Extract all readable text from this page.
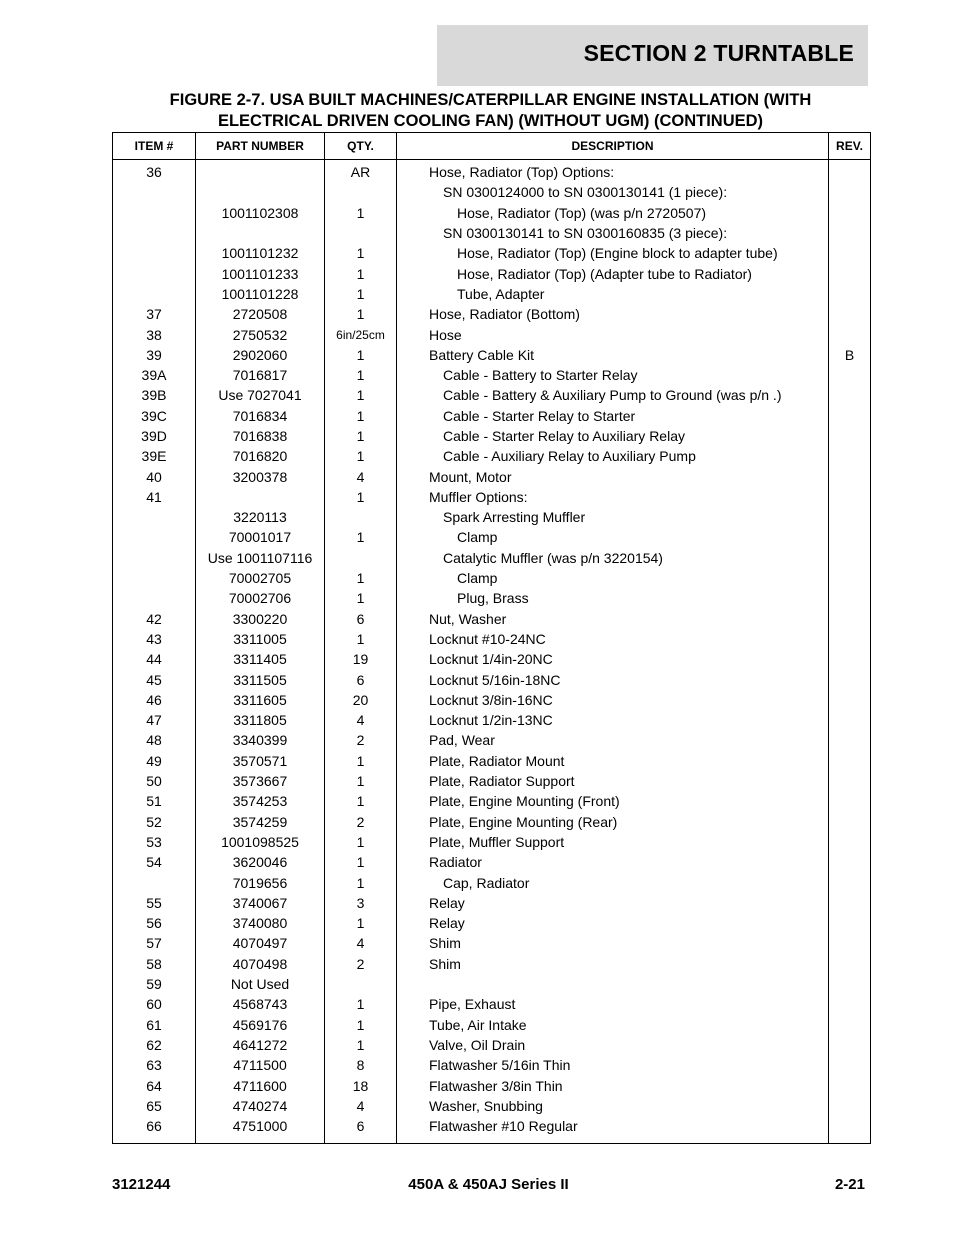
SECTION 2 TURNTABLE
FIGURE 2-7. USA BUILT MACHINES/CATERPILLAR ENGINE INSTALLATION (WITH
ELECTRICAL DRIVEN COOLING FAN) (WITHOUT UGM) (CONTINUED)
ITEM #	PART NUMBER	QTY.	DESCRIPTION	REV.
36		AR	Hose, Radiator (Top) Options:	
			SN 0300124000 to SN 0300130141 (1 piece):	
	1001102308	1	Hose, Radiator (Top) (was p/n 2720507)	
			SN 0300130141 to SN 0300160835 (3 piece):	
	1001101232	1	Hose, Radiator (Top) (Engine block to adapter tube)	
	1001101233	1	Hose, Radiator (Top) (Adapter tube to Radiator)	
	1001101228	1	Tube, Adapter	
37	2720508	1	Hose, Radiator (Bottom)	
38	2750532	6in/25cm	Hose	
39	2902060	1	Battery Cable Kit	B
39A	7016817	1	Cable - Battery to Starter Relay	
39B	Use 7027041	1	Cable - Battery & Auxiliary Pump to Ground (was p/n .)	
39C	7016834	1	Cable - Starter Relay to Starter	
39D	7016838	1	Cable - Starter Relay to Auxiliary Relay	
39E	7016820	1	Cable - Auxiliary Relay to Auxiliary Pump	
40	3200378	4	Mount, Motor	
41		1	Muffler Options:	
	3220113		Spark Arresting Muffler	
	70001017	1	Clamp	
	Use 1001107116		Catalytic Muffler (was p/n 3220154)	
	70002705	1	Clamp	
	70002706	1	Plug, Brass	
42	3300220	6	Nut, Washer	
43	3311005	1	Locknut #10-24NC	
44	3311405	19	Locknut 1/4in-20NC	
45	3311505	6	Locknut 5/16in-18NC	
46	3311605	20	Locknut 3/8in-16NC	
47	3311805	4	Locknut 1/2in-13NC	
48	3340399	2	Pad, Wear	
49	3570571	1	Plate, Radiator Mount	
50	3573667	1	Plate, Radiator Support	
51	3574253	1	Plate, Engine Mounting (Front)	
52	3574259	2	Plate, Engine Mounting (Rear)	
53	1001098525	1	Plate, Muffler Support	
54	3620046	1	Radiator	
	7019656	1	Cap, Radiator	
55	3740067	3	Relay	
56	3740080	1	Relay	
57	4070497	4	Shim	
58	4070498	2	Shim	
59	Not Used			
60	4568743	1	Pipe, Exhaust	
61	4569176	1	Tube, Air Intake	
62	4641272	1	Valve, Oil Drain	
63	4711500	8	Flatwasher 5/16in Thin	
64	4711600	18	Flatwasher 3/8in Thin	
65	4740274	4	Washer, Snubbing	
66	4751000	6	Flatwasher #10 Regular	
3121244	450A & 450AJ Series II	2-21
